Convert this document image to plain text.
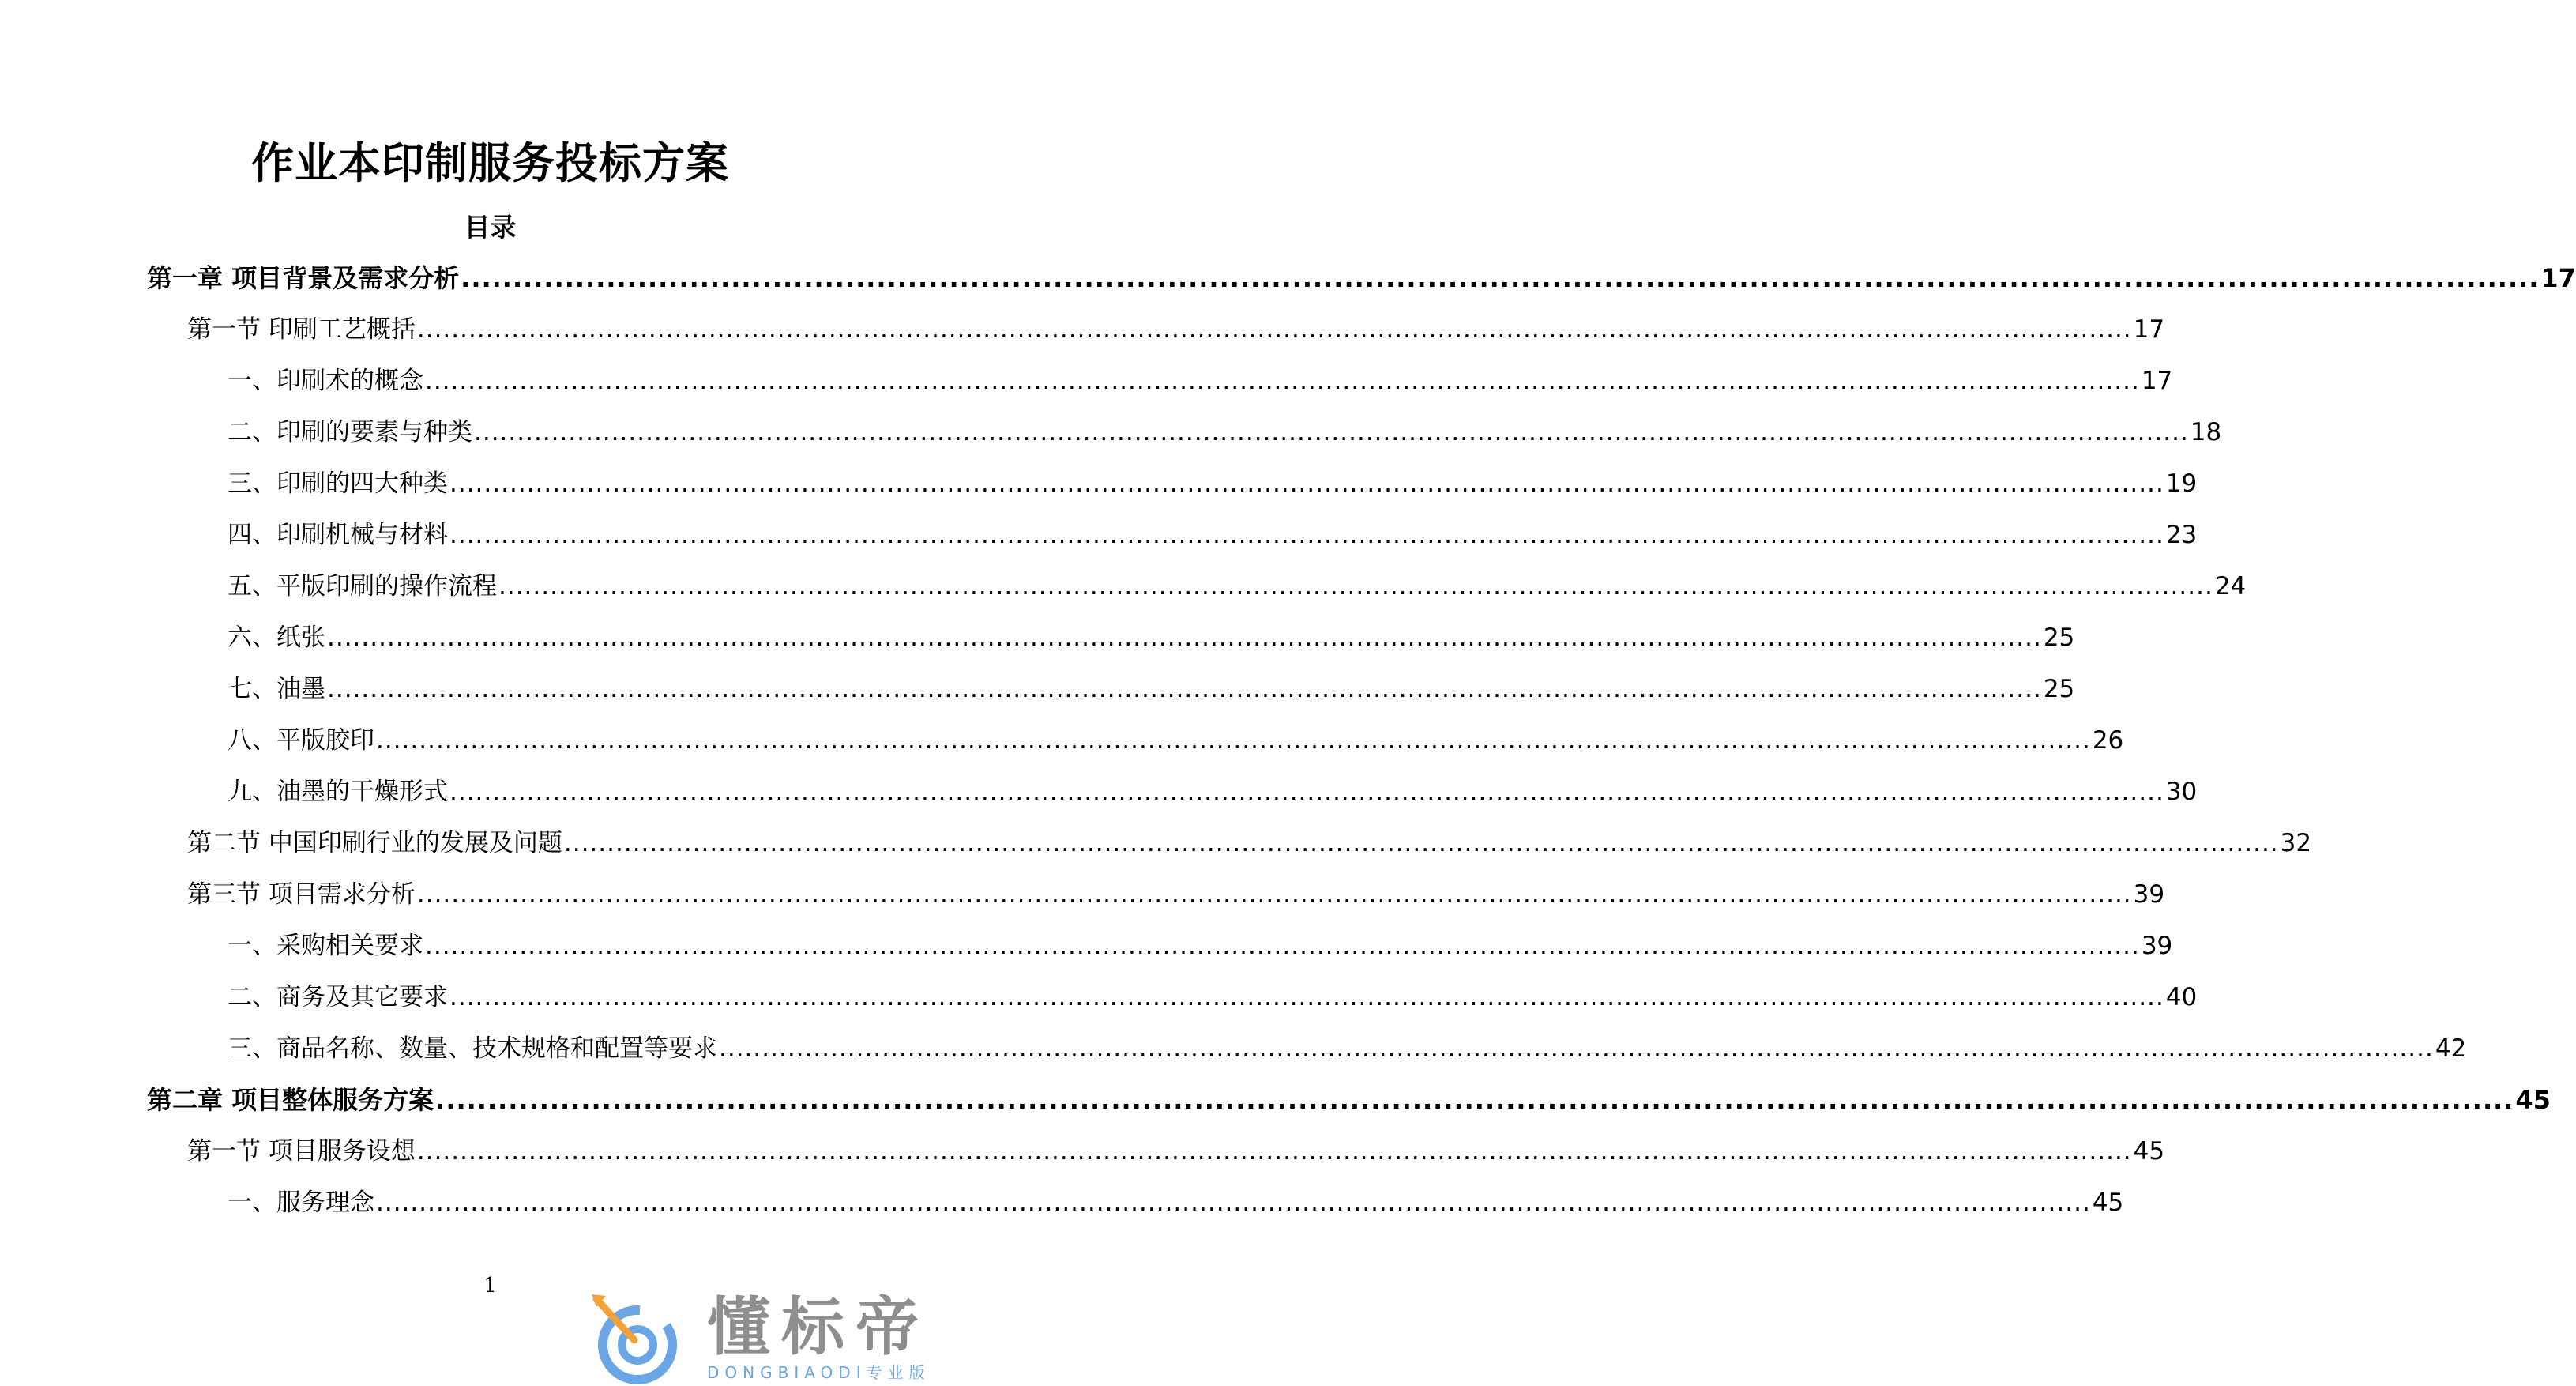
作业本印制服务投标方案
目录
第一章 项目背景及需求分析 ........................................................................................................................................................................................................ 17
第一节 印刷工艺概括 ........................................................................................................................................................................................................ 17
一、印刷术的概念 ........................................................................................................................................................................................................ 17
二、印刷的要素与种类 ........................................................................................................................................................................................................ 18
三、印刷的四大种类 ........................................................................................................................................................................................................ 19
四、印刷机械与材料 ........................................................................................................................................................................................................ 23
五、平版印刷的操作流程 ........................................................................................................................................................................................................ 24
六、纸张 ........................................................................................................................................................................................................ 25
七、油墨 ........................................................................................................................................................................................................ 25
八、平版胶印 ........................................................................................................................................................................................................ 26
九、油墨的干燥形式 ........................................................................................................................................................................................................ 30
第二节 中国印刷行业的发展及问题 ........................................................................................................................................................................................................ 32
第三节 项目需求分析 ........................................................................................................................................................................................................ 39
一、采购相关要求 ........................................................................................................................................................................................................ 39
二、商务及其它要求 ........................................................................................................................................................................................................ 40
三、商品名称、数量、技术规格和配置等要求 ........................................................................................................................................................................................................ 42
第二章 项目整体服务方案 ........................................................................................................................................................................................................ 45
第一节 项目服务设想 ........................................................................................................................................................................................................ 45
一、服务理念 ........................................................................................................................................................................................................ 45
1
懂标帝
DONGBIAODI专业版
